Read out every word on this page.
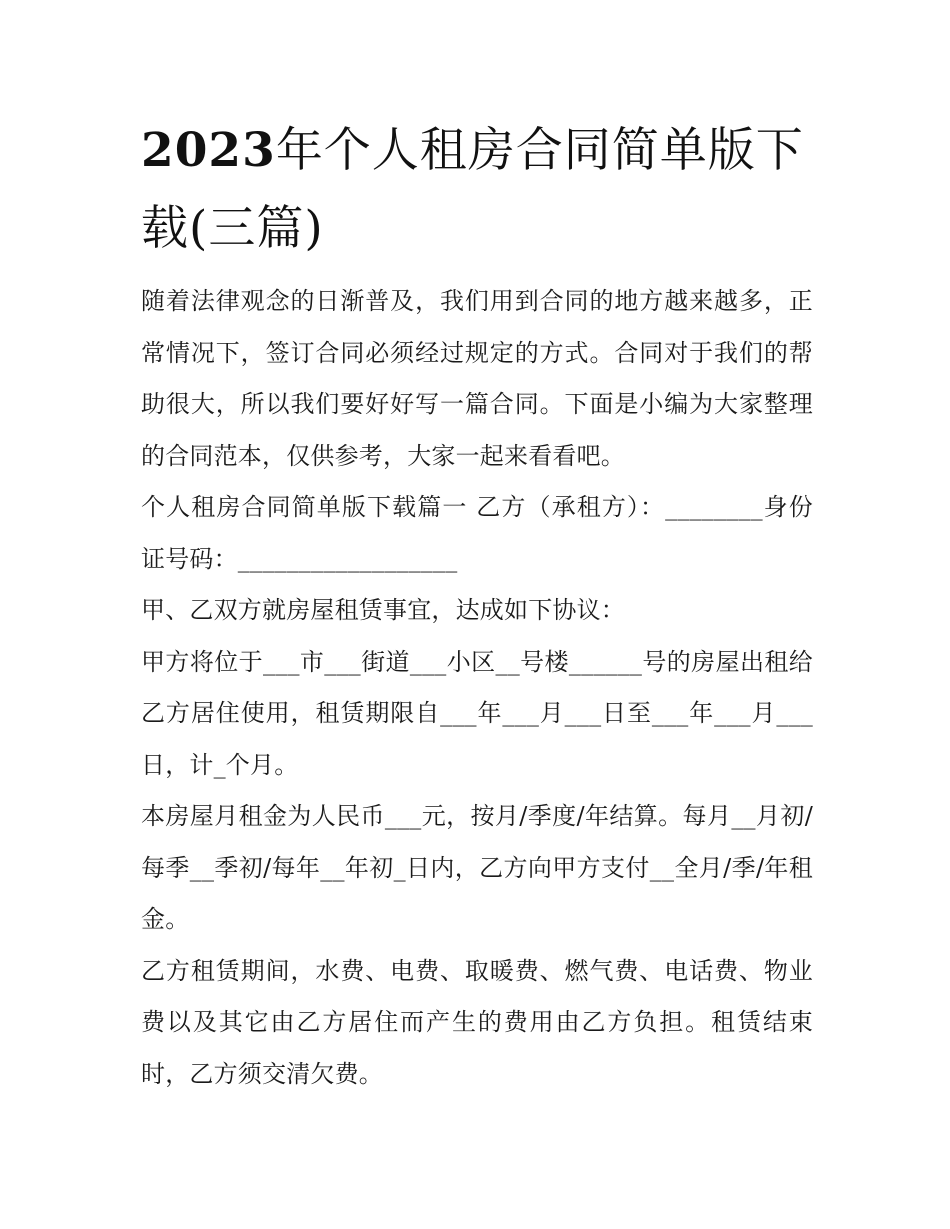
2023年个人租房合同简单版下载(三篇)

随着法律观念的日渐普及，我们用到合同的地方越来越多，正常情况下，签订合同必须经过规定的方式。合同对于我们的帮助很大，所以我们要好好写一篇合同。下面是小编为大家整理的合同范本，仅供参考，大家一起来看看吧。

个人租房合同简单版下载篇一 乙方（承租方）：________身份证号码：__________________

甲、乙双方就房屋租赁事宜，达成如下协议：

甲方将位于___市___街道___小区__号楼______号的房屋出租给乙方居住使用，租赁期限自___年___月___日至___年___月___日，计_个月。

本房屋月租金为人民币___元，按月/季度/年结算。每月__月初/每季__季初/每年__年初_日内，乙方向甲方支付__全月/季/年租金。

乙方租赁期间，水费、电费、取暖费、燃气费、电话费、物业费以及其它由乙方居住而产生的费用由乙方负担。租赁结束时，乙方须交清欠费。
